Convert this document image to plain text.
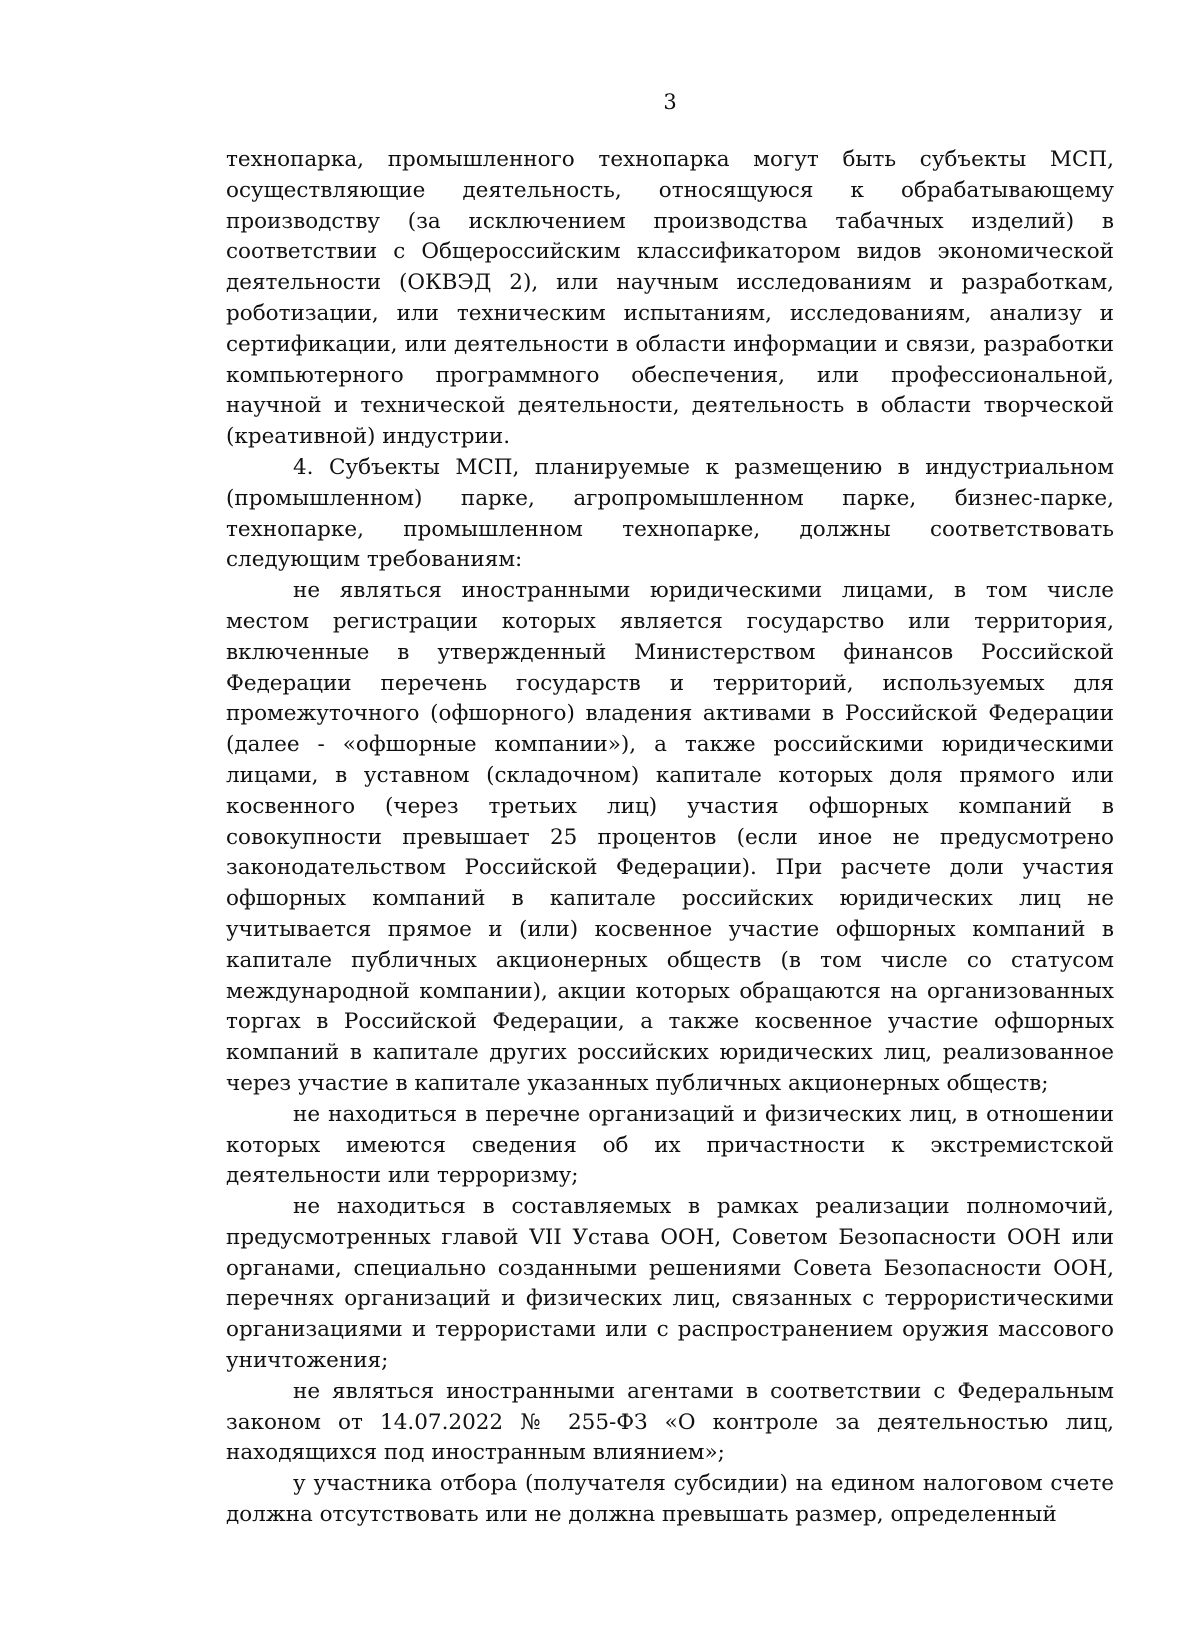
3

технопарка, промышленного технопарка могут быть субъекты МСП, осуществляющие деятельность, относящуюся к обрабатывающему производству (за исключением производства табачных изделий) в соответствии с Общероссийским классификатором видов экономической деятельности (ОКВЭД 2), или научным исследованиям и разработкам, роботизации, или техническим испытаниям, исследованиям, анализу и сертификации, или деятельности в области информации и связи, разработки компьютерного программного обеспечения, или профессиональной, научной и технической деятельности, деятельность в области творческой (креативной) индустрии.

4. Субъекты МСП, планируемые к размещению в индустриальном (промышленном) парке, агропромышленном парке, бизнес-парке, технопарке, промышленном технопарке, должны соответствовать следующим требованиям:

не являться иностранными юридическими лицами, в том числе местом регистрации которых является государство или территория, включенные в утвержденный Министерством финансов Российской Федерации перечень государств и территорий, используемых для промежуточного (офшорного) владения активами в Российской Федерации (далее - «офшорные компании»), а также российскими юридическими лицами, в уставном (складочном) капитале которых доля прямого или косвенного (через третьих лиц) участия офшорных компаний в совокупности превышает 25 процентов (если иное не предусмотрено законодательством Российской Федерации). При расчете доли участия офшорных компаний в капитале российских юридических лиц не учитывается прямое и (или) косвенное участие офшорных компаний в капитале публичных акционерных обществ (в том числе со статусом международной компании), акции которых обращаются на организованных торгах в Российской Федерации, а также косвенное участие офшорных компаний в капитале других российских юридических лиц, реализованное через участие в капитале указанных публичных акционерных обществ;

не находиться в перечне организаций и физических лиц, в отношении которых имеются сведения об их причастности к экстремистской деятельности или терроризму;

не находиться в составляемых в рамках реализации полномочий, предусмотренных главой VII Устава ООН, Советом Безопасности ООН или органами, специально созданными решениями Совета Безопасности ООН, перечнях организаций и физических лиц, связанных с террористическими организациями и террористами или с распространением оружия массового уничтожения;

не являться иностранными агентами в соответствии с Федеральным законом от 14.07.2022 № 255-ФЗ «О контроле за деятельностью лиц, находящихся под иностранным влиянием»;

у участника отбора (получателя субсидии) на едином налоговом счете должна отсутствовать или не должна превышать размер, определенный
